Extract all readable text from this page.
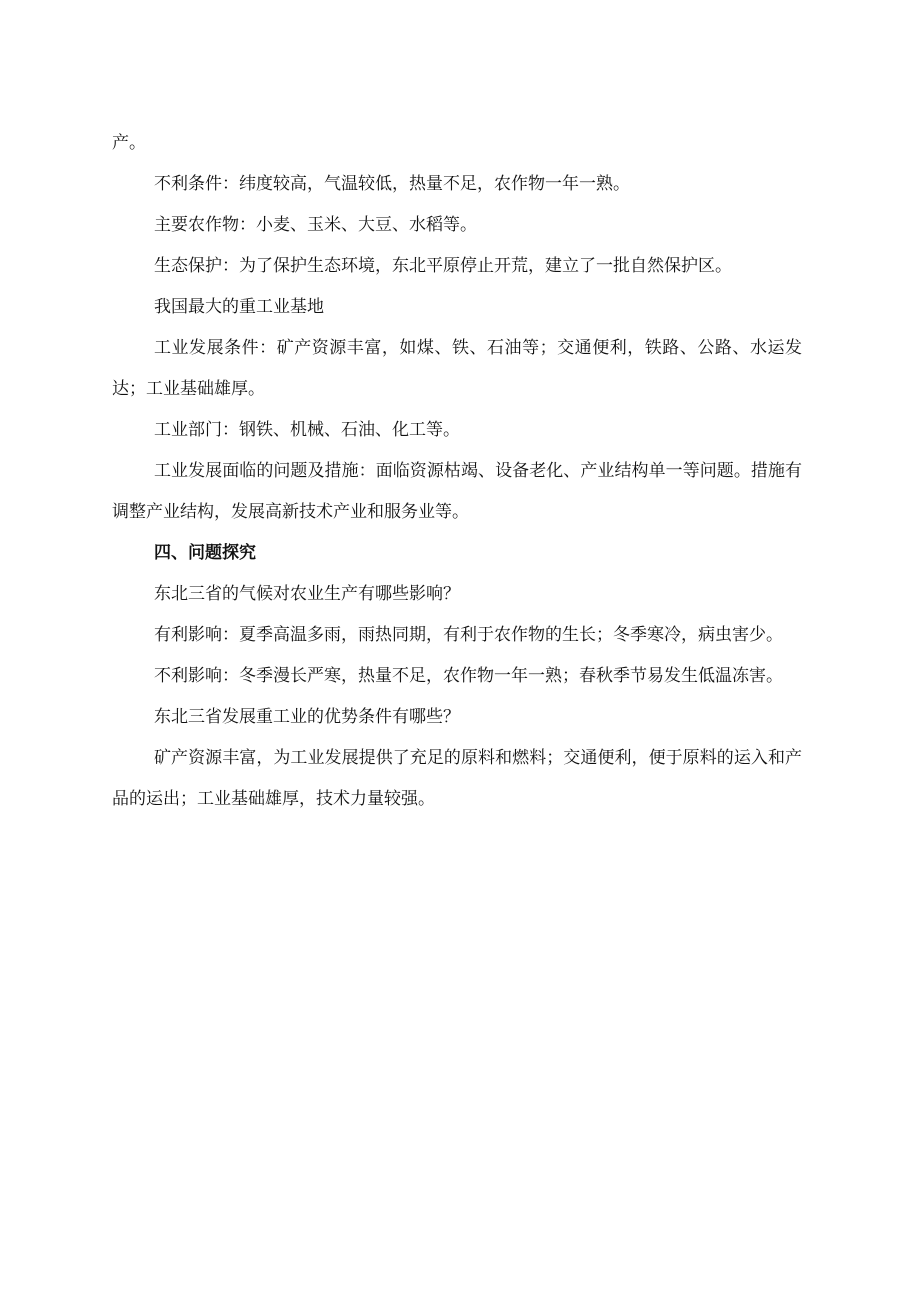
产。

不利条件：纬度较高，气温较低，热量不足，农作物一年一熟。

主要农作物：小麦、玉米、大豆、水稻等。

生态保护：为了保护生态环境，东北平原停止开荒，建立了一批自然保护区。

我国最大的重工业基地

工业发展条件：矿产资源丰富，如煤、铁、石油等；交通便利，铁路、公路、水运发达；工业基础雄厚。

工业部门：钢铁、机械、石油、化工等。

工业发展面临的问题及措施：面临资源枯竭、设备老化、产业结构单一等问题。措施有调整产业结构，发展高新技术产业和服务业等。

四、问题探究

东北三省的气候对农业生产有哪些影响？

有利影响：夏季高温多雨，雨热同期，有利于农作物的生长；冬季寒冷，病虫害少。

不利影响：冬季漫长严寒，热量不足，农作物一年一熟；春秋季节易发生低温冻害。

东北三省发展重工业的优势条件有哪些？

矿产资源丰富，为工业发展提供了充足的原料和燃料；交通便利，便于原料的运入和产品的运出；工业基础雄厚，技术力量较强。
